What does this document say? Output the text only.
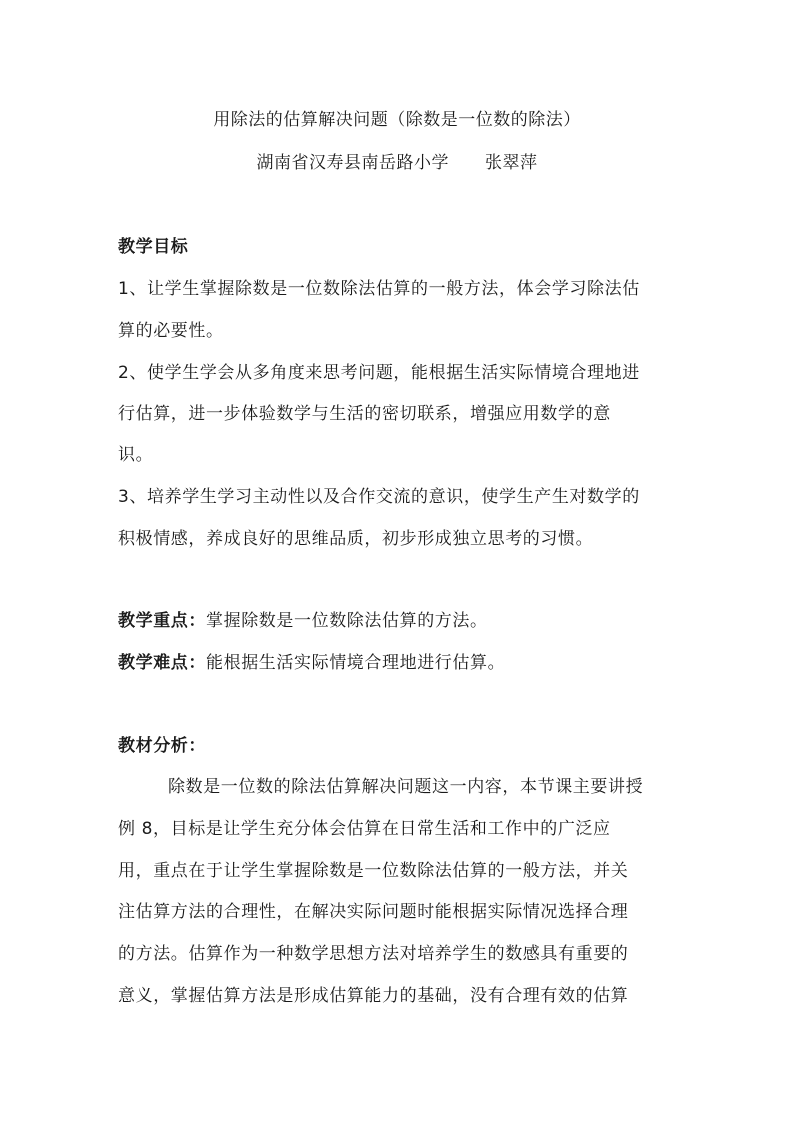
用除法的估算解决问题（除数是一位数的除法）
湖南省汉寿县南岳路小学 张翠萍
教学目标
1、让学生掌握除数是一位数除法估算的一般方法，体会学习除法估
算的必要性。
2、使学生学会从多角度来思考问题，能根据生活实际情境合理地进
行估算，进一步体验数学与生活的密切联系，增强应用数学的意
识。
3、培养学生学习主动性以及合作交流的意识，使学生产生对数学的
积极情感，养成良好的思维品质，初步形成独立思考的习惯。
教学重点：掌握除数是一位数除法估算的方法。
教学难点：能根据生活实际情境合理地进行估算。
教材分析：
除数是一位数的除法估算解决问题这一内容，本节课主要讲授
例 8，目标是让学生充分体会估算在日常生活和工作中的广泛应
用，重点在于让学生掌握除数是一位数除法估算的一般方法，并关
注估算方法的合理性，在解决实际问题时能根据实际情况选择合理
的方法。估算作为一种数学思想方法对培养学生的数感具有重要的
意义，掌握估算方法是形成估算能力的基础，没有合理有效的估算
